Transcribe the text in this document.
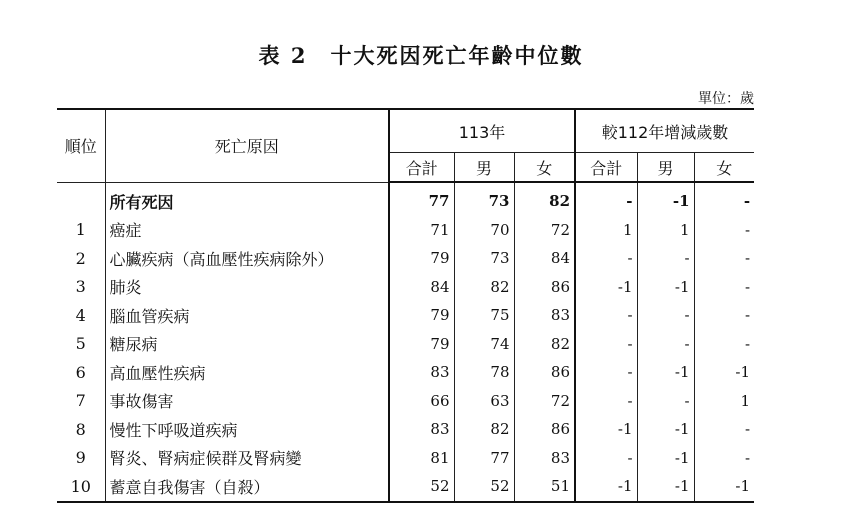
表 2　十大死因死亡年齡中位數
單位：歲
順位	死亡原因	113年			較112年增減歲數		
		合計	男	女	合計	男	女
	所有死因	77	73	82	-	-1	-
1	癌症	71	70	72	1	1	-
2	心臟疾病（高血壓性疾病除外）	79	73	84	-	-	-
3	肺炎	84	82	86	-1	-1	-
4	腦血管疾病	79	75	83	-	-	-
5	糖尿病	79	74	82	-	-	-
6	高血壓性疾病	83	78	86	-	-1	-1
7	事故傷害	66	63	72	-	-	1
8	慢性下呼吸道疾病	83	82	86	-1	-1	-
9	腎炎、腎病症候群及腎病變	81	77	83	-	-1	-
10	蓄意自我傷害（自殺）	52	52	51	-1	-1	-1
